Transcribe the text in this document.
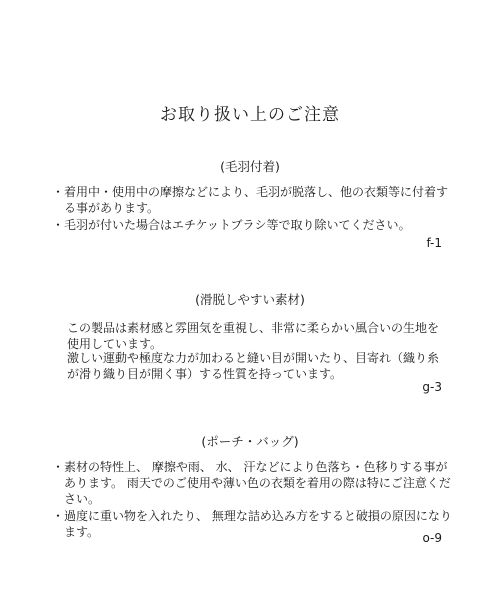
お取り扱い上のご注意
(毛羽付着)
・ 着用中・使用中の摩擦などにより、毛羽が脱落し、他の衣類等に付着する事があります。
・ 毛羽が付いた場合はエチケットブラシ等で取り除いてください。
f-1
(滑脱しやすい素材)
この製品は素材感と雰囲気を重視し、非常に柔らかい風合いの生地を使用しています。
激しい運動や極度な力が加わると縫い目が開いたり、目寄れ（織り糸が滑り織り目が開く事）する性質を持っています。
g-3
(ポーチ・バッグ)
・ 素材の特性上、 摩擦や雨、 水、 汗などにより色落ち・色移りする事があります。 雨天でのご使用や薄い色の衣類を着用の際は特にご注意ください。
・ 過度に重い物を入れたり、 無理な詰め込み方をすると破損の原因になります。	o-9
